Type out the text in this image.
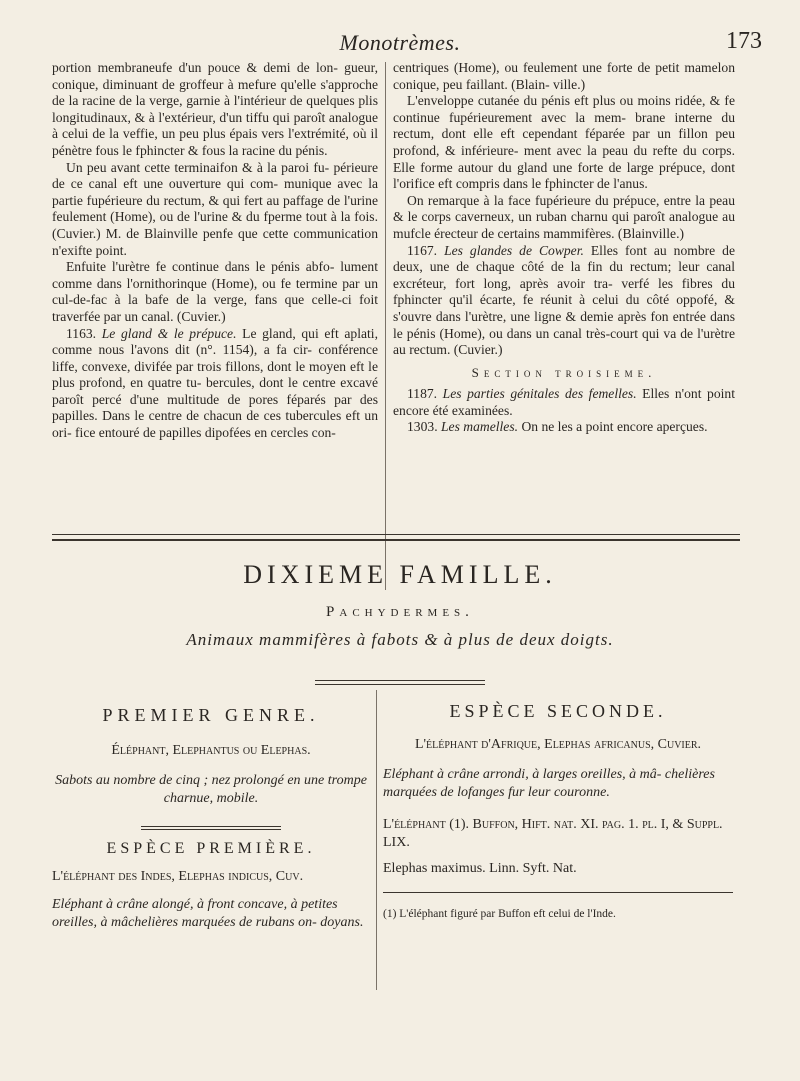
Monotrèmes.	173

portion membraneufe d'un pouce & demi de lon- gueur, conique, diminuant de groffeur à mefure qu'elle s'approche de la racine de la verge, garnie à l'intérieur de quelques plis longitudinaux, & à l'extérieur, d'un tiffu qui paroît analogue à celui de la veffie, un peu plus épais vers l'extrémité, où il pénètre fous le fphincter & fous la racine du pénis.

Un peu avant cette terminaifon & à la paroi fu- périeure de ce canal eft une ouverture qui com- munique avec la partie fupérieure du rectum, & qui fert au paffage de l'urine feulement (Home), ou de l'urine & du fperme tout à la fois. (Cuvier.) M. de Blainville penfe que cette communication n'exifte point.

Enfuite l'urètre fe continue dans le pénis abfo- lument comme dans l'ornithorinque (Home), ou fe termine par un cul-de-fac à la bafe de la verge, fans que celle-ci foit traverfée par un canal. (Cuvier.)

1163. Le gland & le prépuce. Le gland, qui eft aplati, comme nous l'avons dit (n°. 1154), a fa cir- conférence liffe, convexe, divifée par trois fillons, dont le moyen eft le plus profond, en quatre tu- bercules, dont le centre excavé paroît percé d'une multitude de pores féparés par des papilles. Dans le centre de chacun de ces tubercules eft un ori- fice entouré de papilles dipofées en cercles con-

centriques (Home), ou feulement une forte de petit mamelon conique, peu faillant. (Blain- ville.)

L'enveloppe cutanée du pénis eft plus ou moins ridée, & fe continue fupérieurement avec la mem- brane interne du rectum, dont elle eft cependant féparée par un fillon peu profond, & inférieure- ment avec la peau du refte du corps. Elle forme autour du gland une forte de large prépuce, dont l'orifice eft compris dans le fphincter de l'anus.

On remarque à la face fupérieure du prépuce, entre la peau & le corps caverneux, un ruban charnu qui paroît analogue au mufcle érecteur de certains mammifères. (Blainville.)

1167. Les glandes de Cowper. Elles font au nombre de deux, une de chaque côté de la fin du rectum; leur canal excréteur, fort long, après avoir tra- verfé les fibres du fphincter qu'il écarte, fe réunit à celui du côté oppofé, & s'ouvre dans l'urètre, une ligne & demie après fon entrée dans le pénis (Home), ou dans un canal très-court qui va de l'urètre au rectum. (Cuvier.)

Section troisieme.

1187. Les parties génitales des femelles. Elles n'ont point encore été examinées.

1303. Les mamelles. On ne les a point encore aperçues.

DIXIEME FAMILLE.
Pachydermes.
Animaux mammifères à fabots & à plus de deux doigts.
PREMIER GENRE.

Éléphant, Elephantus ou Elephas.

Sabots au nombre de cinq ; nez prolongé en une trompe charnue, mobile.

ESPÈCE PREMIÈRE.

L'éléphant des Indes, Elephas indicus, Cuv.

Eléphant à crâne alongé, à front concave, à petites oreilles, à mâchelières marquées de rubans on- doyans.

ESPÈCE SECONDE.

L'éléphant d'Afrique, Elephas africanus, Cuvier.

Eléphant à crâne arrondi, à larges oreilles, à mâ- chelières marquées de lofanges fur leur couronne.

L'éléphant (1). Buffon, Hift. nat. XI. pag. 1. pl. I, & Suppl. LIX.

Elephas maximus. Linn. Syft. Nat.

(1) L'éléphant figuré par Buffon eft celui de l'Inde.
